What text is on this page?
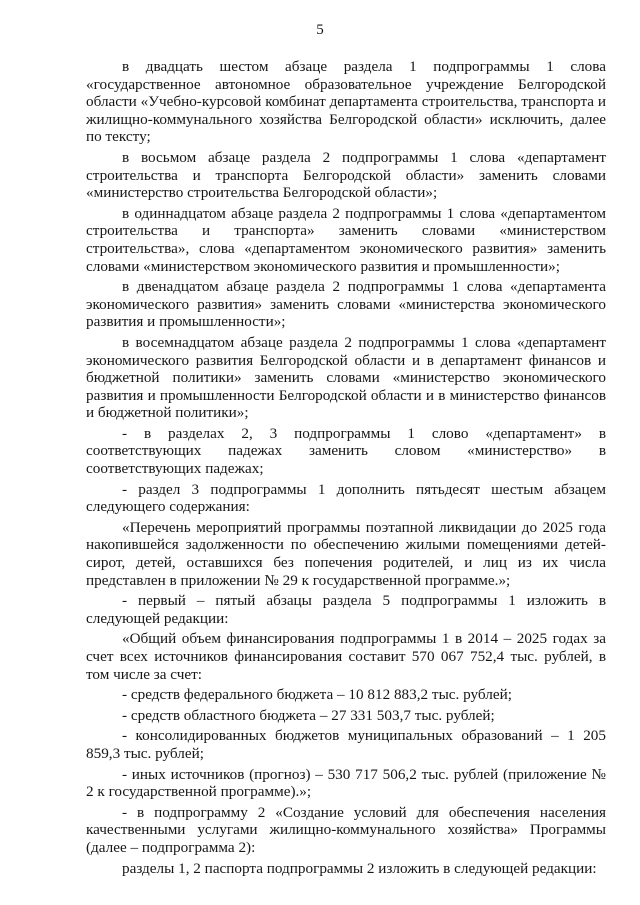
5

в двадцать шестом абзаце раздела 1 подпрограммы 1 слова «государственное автономное образовательное учреждение Белгородской области «Учебно-курсовой комбинат департамента строительства, транспорта и жилищно-коммунального хозяйства Белгородской области» исключить, далее по тексту;

в восьмом абзаце раздела 2 подпрограммы 1 слова «департамент строительства и транспорта Белгородской области» заменить словами «министерство строительства Белгородской области»;

в одиннадцатом абзаце раздела 2 подпрограммы 1 слова «департаментом строительства и транспорта» заменить словами «министерством строительства», слова «департаментом экономического развития» заменить словами «министерством экономического развития и промышленности»;

в двенадцатом абзаце раздела 2 подпрограммы 1 слова «департамента экономического развития» заменить словами «министерства экономического развития и промышленности»;

в восемнадцатом абзаце раздела 2 подпрограммы 1 слова «департамент экономического развития Белгородской области и в департамент финансов и бюджетной политики» заменить словами «министерство экономического развития и промышленности Белгородской области и в министерство финансов и бюджетной политики»;

- в разделах 2, 3 подпрограммы 1 слово «департамент» в соответствующих падежах заменить словом «министерство» в соответствующих падежах;

- раздел 3 подпрограммы 1 дополнить пятьдесят шестым абзацем следующего содержания:

«Перечень мероприятий программы поэтапной ликвидации до 2025 года накопившейся задолженности по обеспечению жилыми помещениями детей-сирот, детей, оставшихся без попечения родителей, и лиц из их числа представлен в приложении № 29 к государственной программе.»;

- первый – пятый абзацы раздела 5 подпрограммы 1 изложить в следующей редакции:

«Общий объем финансирования подпрограммы 1 в 2014 – 2025 годах за счет всех источников финансирования составит 570 067 752,4 тыс. рублей, в том числе за счет:

- средств федерального бюджета – 10 812 883,2 тыс. рублей;

- средств областного бюджета – 27 331 503,7 тыс. рублей;

- консолидированных бюджетов муниципальных образований – 1 205 859,3 тыс. рублей;

- иных источников (прогноз) – 530 717 506,2 тыс. рублей (приложение № 2 к государственной программе).»;

- в подпрограмму 2 «Создание условий для обеспечения населения качественными услугами жилищно-коммунального хозяйства» Программы (далее – подпрограмма 2):

разделы 1, 2 паспорта подпрограммы 2 изложить в следующей редакции:
